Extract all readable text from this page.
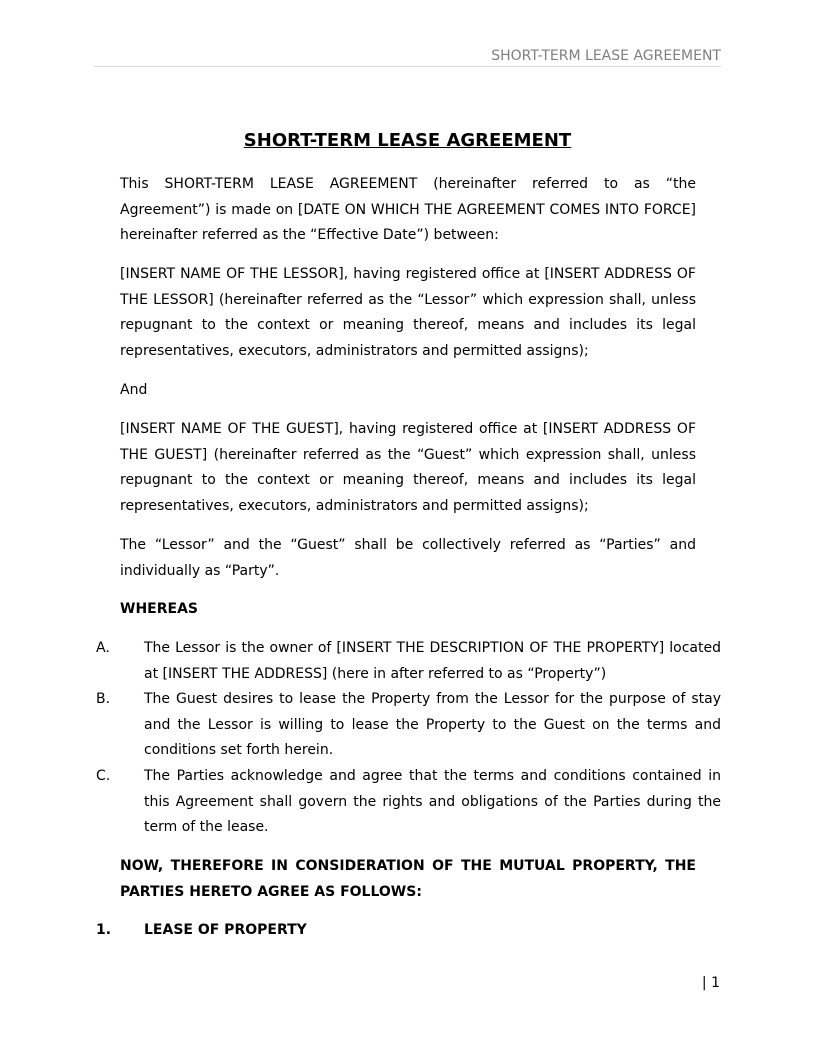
SHORT-TERM LEASE AGREEMENT
SHORT-TERM LEASE AGREEMENT
This SHORT-TERM LEASE AGREEMENT (hereinafter referred to as “the Agreement”) is made on [DATE ON WHICH THE AGREEMENT COMES INTO FORCE] hereinafter referred as the “Effective Date”) between:
[INSERT NAME OF THE LESSOR], having registered office at [INSERT ADDRESS OF THE LESSOR] (hereinafter referred as the “Lessor” which expression shall, unless repugnant to the context or meaning thereof, means and includes its legal representatives, executors, administrators and permitted assigns);
And
[INSERT NAME OF THE GUEST], having registered office at [INSERT ADDRESS OF THE GUEST] (hereinafter referred as the “Guest” which expression shall, unless repugnant to the context or meaning thereof, means and includes its legal representatives, executors, administrators and permitted assigns);
The “Lessor” and the “Guest” shall be collectively referred as “Parties” and individually as “Party”.
WHEREAS
A. The Lessor is the owner of [INSERT THE DESCRIPTION OF THE PROPERTY] located at [INSERT THE ADDRESS] (here in after referred to as “Property”)
B. The Guest desires to lease the Property from the Lessor for the purpose of stay and the Lessor is willing to lease the Property to the Guest on the terms and conditions set forth herein.
C. The Parties acknowledge and agree that the terms and conditions contained in this Agreement shall govern the rights and obligations of the Parties during the term of the lease.
NOW, THEREFORE IN CONSIDERATION OF THE MUTUAL PROPERTY, THE PARTIES HERETO AGREE AS FOLLOWS:
1. LEASE OF PROPERTY
| 1
